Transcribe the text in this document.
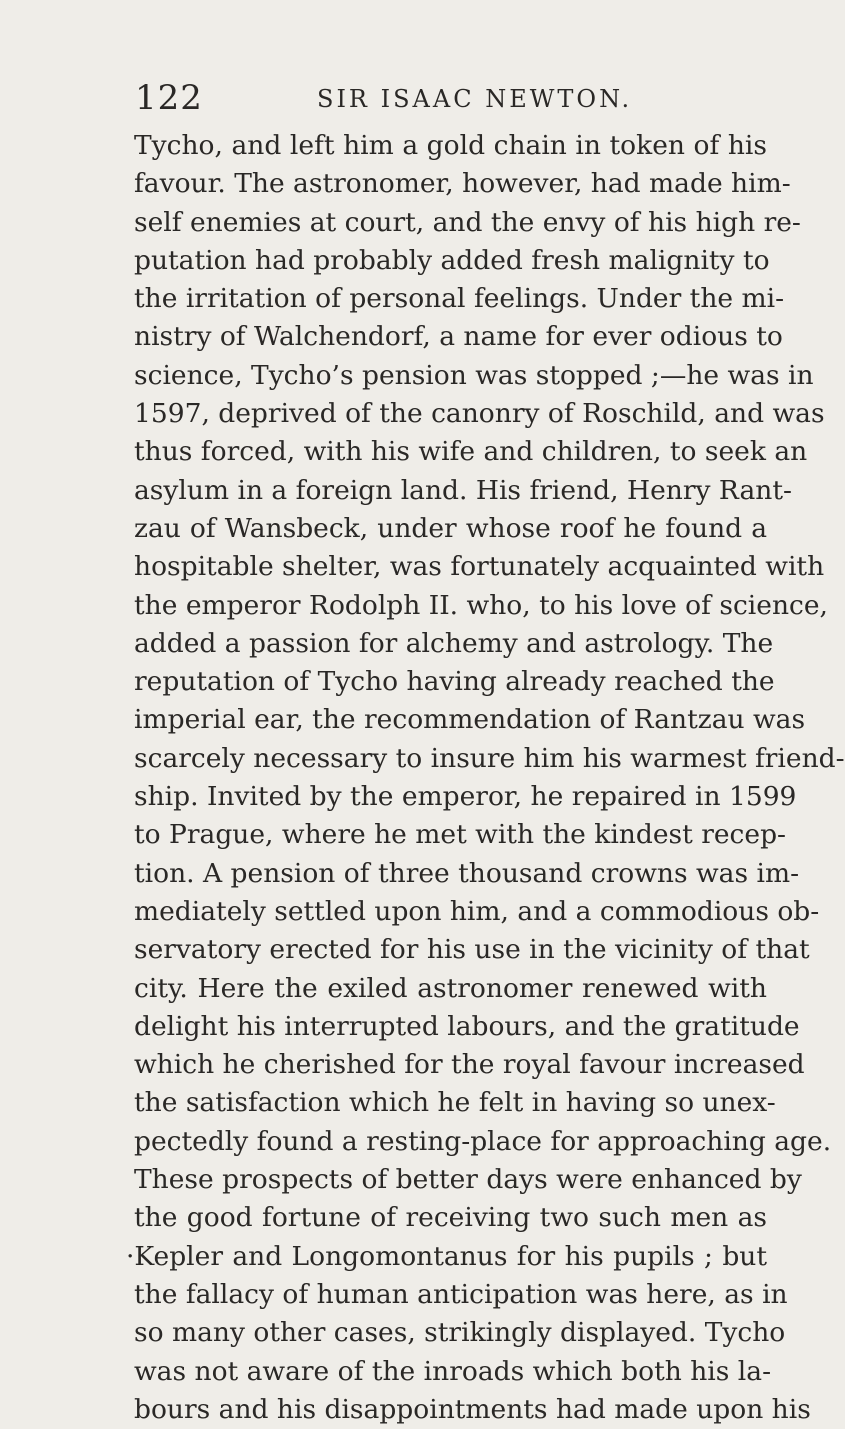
122	SIR ISAAC NEWTON.
Tycho, and left him a gold chain in token of his
favour. The astronomer, however, had made him-
self enemies at court, and the envy of his high re-
putation had probably added fresh malignity to
the irritation of personal feelings. Under the mi-
nistry of Walchendorf, a name for ever odious to
science, Tycho’s pension was stopped ;—he was in
1597, deprived of the canonry of Roschild, and was
thus forced, with his wife and children, to seek an
asylum in a foreign land. His friend, Henry Rant-
zau of Wansbeck, under whose roof he found a
hospitable shelter, was fortunately acquainted with
the emperor Rodolph II. who, to his love of science,
added a passion for alchemy and astrology. The
reputation of Tycho having already reached the
imperial ear, the recommendation of Rantzau was
scarcely necessary to insure him his warmest friend-
ship. Invited by the emperor, he repaired in 1599
to Prague, where he met with the kindest recep-
tion. A pension of three thousand crowns was im-
mediately settled upon him, and a commodious ob-
servatory erected for his use in the vicinity of that
city. Here the exiled astronomer renewed with
delight his interrupted labours, and the gratitude
which he cherished for the royal favour increased
the satisfaction which he felt in having so unex-
pectedly found a resting-place for approaching age.
These prospects of better days were enhanced by
the good fortune of receiving two such men as
·Kepler and Longomontanus for his pupils ; but
the fallacy of human anticipation was here, as in
so many other cases, strikingly displayed. Tycho
was not aware of the inroads which both his la-
bours and his disappointments had made upon his
